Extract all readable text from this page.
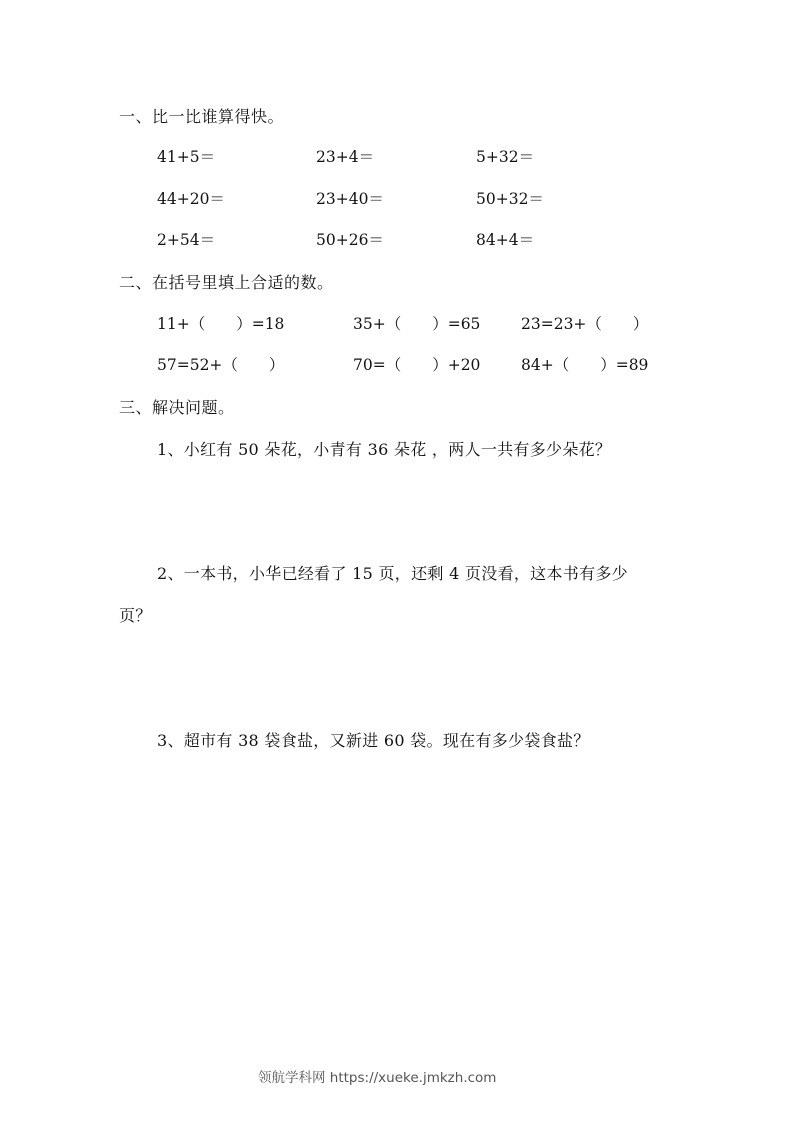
一、比一比谁算得快。
41+5＝	23+4＝	5+32＝
44+20＝	23+40＝	50+32＝
2+54＝	50+26＝	84+4＝
二、在括号里填上合适的数。
11+（　　）=18	35+（　　）=65	23=23+（　　）
57=52+（　　）	70=（　　）+20	84+（　　）=89
三、解决问题。
1、小红有 50 朵花，小青有 36 朵花 ，两人一共有多少朵花？
2、一本书，小华已经看了 15 页，还剩 4 页没看，这本书有多少
页？
3、超市有 38 袋食盐，又新进 60 袋。现在有多少袋食盐？
领航学科网 https://xueke.jmkzh.com
